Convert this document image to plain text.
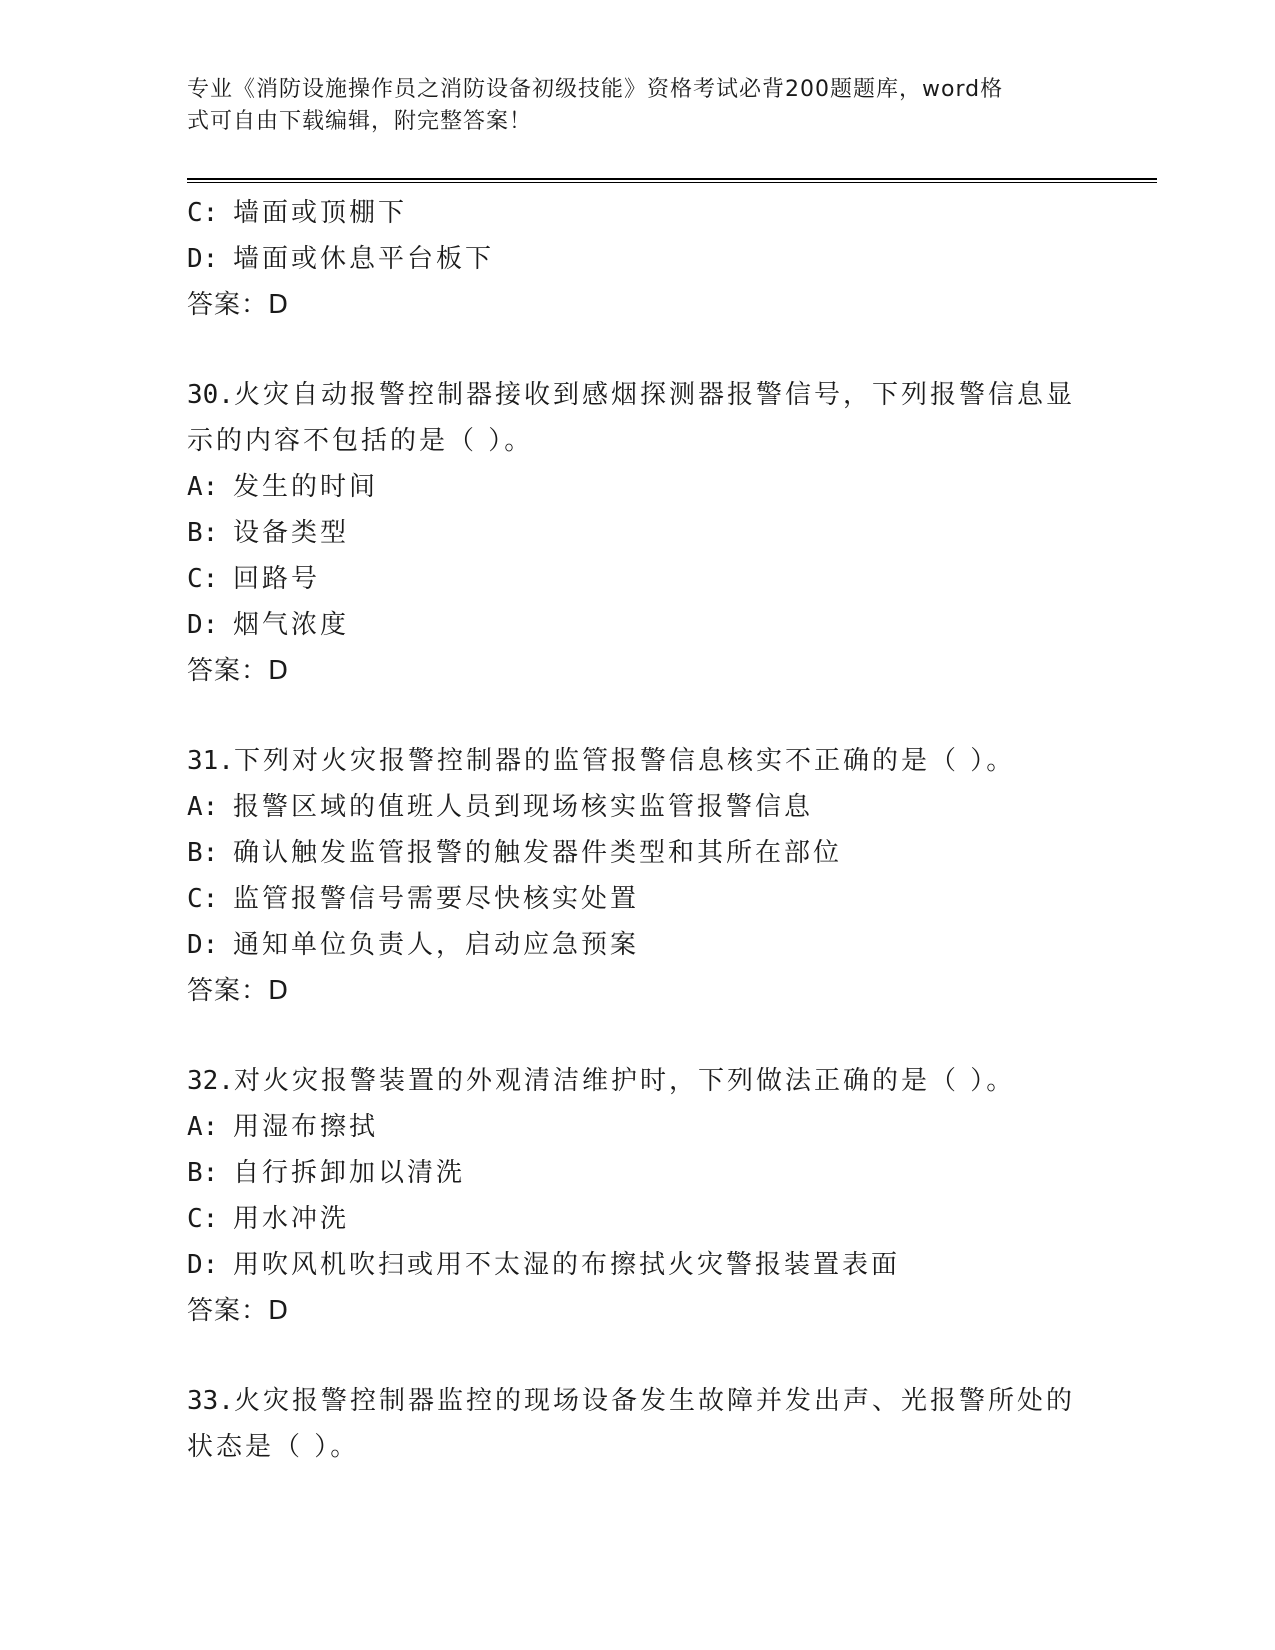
专业《消防设施操作员之消防设备初级技能》资格考试必背200题题库，word格
式可自由下载编辑，附完整答案！
C: 墙面或顶棚下
D: 墙面或休息平台板下
答案：D
30.火灾自动报警控制器接收到感烟探测器报警信号，下列报警信息显
示的内容不包括的是（ ）。
A: 发生的时间
B: 设备类型
C: 回路号
D: 烟气浓度
答案：D
31.下列对火灾报警控制器的监管报警信息核实不正确的是（ ）。
A: 报警区域的值班人员到现场核实监管报警信息
B: 确认触发监管报警的触发器件类型和其所在部位
C: 监管报警信号需要尽快核实处置
D: 通知单位负责人，启动应急预案
答案：D
32.对火灾报警装置的外观清洁维护时，下列做法正确的是（ ）。
A: 用湿布擦拭
B: 自行拆卸加以清洗
C: 用水冲洗
D: 用吹风机吹扫或用不太湿的布擦拭火灾警报装置表面
答案：D
33.火灾报警控制器监控的现场设备发生故障并发出声、光报警所处的
状态是（ ）。
